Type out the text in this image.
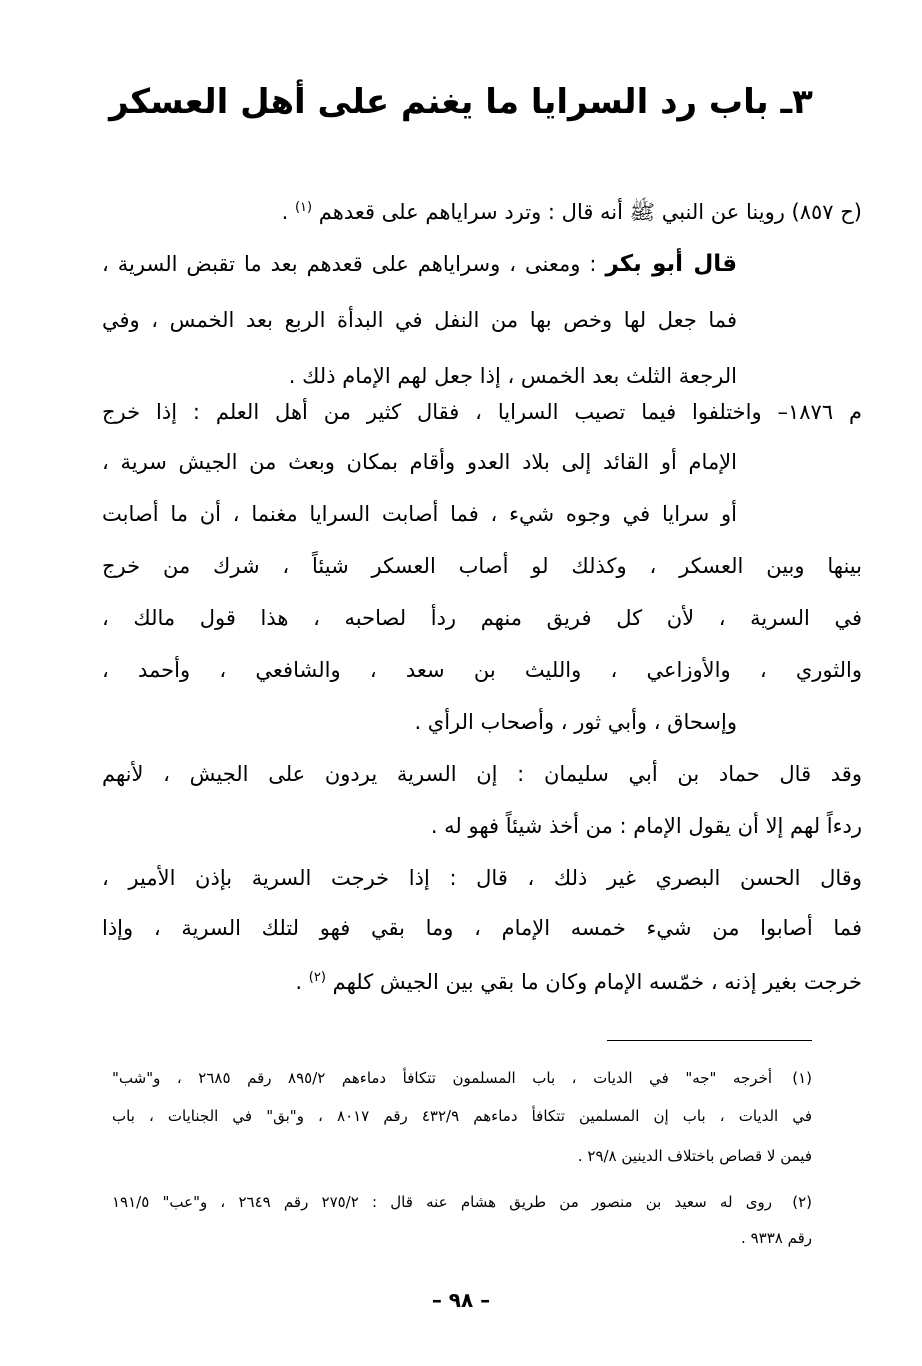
٣ـ باب رد السرايا ما يغنم على أهل العسكر
(ح ٨٥٧) روينا عن النبي ﷺ أنه قال : وترد سراياهم على قعدهم $^{(١)}$ .
قال أبو بكر : ومعنى ، وسراياهم على قعدهم بعد ما تقبض السرية ،
فما جعل لها وخص بها من النفل في البدأة الربع بعد الخمس ، وفي
الرجعة الثلث بعد الخمس ، إذا جعل لهم الإمام ذلك .
م ١٨٧٦– واختلفوا فيما تصيب السرايا ، فقال كثير من أهل العلم : إذا خرج
الإمام أو القائد إلى بلاد العدو وأقام بمكان وبعث من الجيش سرية ،
أو سرايا في وجوه شيء ، فما أصابت السرايا مغنما ، أن ما أصابت
بينها وبين العسكر ، وكذلك لو أصاب العسكر شيئاً ، شرك من خرج
في السرية ، لأن كل فريق منهم ردأ لصاحبه ، هذا قول مالك ،
والثوري ، والأوزاعي ، والليث بن سعد ، والشافعي ، وأحمد ،
وإسحاق ، وأبي ثور ، وأصحاب الرأي .
وقد قال حماد بن أبي سليمان : إن السرية يردون على الجيش ، لأنهم
ردءاً لهم إلا أن يقول الإمام : من أخذ شيئاً فهو له .
وقال الحسن البصري غير ذلك ، قال : إذا خرجت السرية بإذن الأمير ،
فما أصابوا من شيء خمسه الإمام ، وما بقي فهو لتلك السرية ، وإذا
خرجت بغير إذنه ، خمّسه الإمام وكان ما بقي بين الجيش كلهم $^{(٢)}$ .
(١)
أخرجه "جه" في الديات ، باب المسلمون تتكافأ دماءهم ٨٩٥/٢ رقم ٢٦٨٥ ، و"شب"
في الديات ، باب إن المسلمين تتكافأ دماءهم ٤٣٢/٩ رقم ٨٠١٧ ، و"بق" في الجنايات ، باب
فيمن لا قصاص باختلاف الدينين ٢٩/٨ .
(٢)
روى له سعيد بن منصور من طريق هشام عنه قال : ٢٧٥/٢ رقم ٢٦٤٩ ، و"عب" ١٩١/٥
رقم ٩٣٣٨ .
– ٩٨ –
